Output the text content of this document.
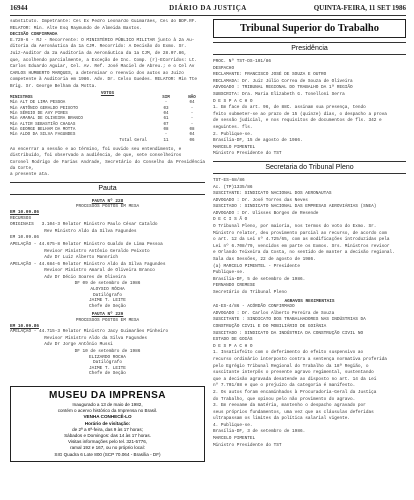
16944	DIÁRIO DA JUSTIÇA	QUINTA-FEIRA, 11 SET 1986
substituto. Impetrante: Cel Ex Pedro Leonardo Guimarães, Cel do BDP.RF.
RELATOR: Min. Alte Esq Raymundo de Almeida Bastos.
DECISÃO CONFIRMADA
E.729-6 - RJ - Recorrente: O MINISTÉRIO PÚBLICO MILITAR junto à 2a Au-
ditoria da Aeronáutica da 1a CJM. Recorrido: A Decisão do Exmo. Sr.
Juiz-Auditor da 2a Auditoria da Aeronáutica da 1a CJM, de 28.07.86,
que, acolhendo parcialmente, a Exceção de Inc. Comp. (r)-ECorridos: Lt.
Carlos Eduardo Aguiar, Cel. Av. Ref. José Maciel de Abreu.; e o Cel Av
CARLOS HUMBERTO MARQUES, a determinar o reenvio dos autos ao Juízo
competente à Auditoria em 1986. Adv. Dr. Celso Guedes. RELATOR: Min Tte
Brig. Sr. George Belham da Motta.
VOTOS
MINISTROS	SIM	NÃO
Min ALT DE LIMA PESSOA	-	04
Min ANTÔNIO GERALDO PEIXOTO	03	-
Min SÉRGIO DE AVY PIRES	04	-
Min AMARAL DE OLIVEIRA BRANCO	61	-
Min ALTIR SEBASTIÃO CHAGAS	07	-
Min GEORGE BELHAM DA MOTTA	08	08
Min ALDO DA SILVA FAGUNDES	-	04
Total Geral	11	06
Ao encerrar a sessão e ao término, foi ouvido seu entendimento, e
distribuído, foi observado a audiência, de que, sete conselheiros
Coronel Rodrigo de Farias Andrade, Secretário do Conselho da Presidência da Corte,
a presente ata.
Pauta
PAUTA Nº 228
PROCESSOS POSTOS EM MESA
EM 10.09.86
RECURSOS
ORIGINAIS   3.104-3 Relator Ministro Paulo César Cataldo
Rev Ministro Aldo da Silva Fagundes
EM 10.09.86
APELAÇÃO - 44.675-8 Relator Ministro Gualdo de Lima Pessoa
Revisor Ministro Antônio Geraldo Peixoto
Adv Dr Luiz Alberto Mannrich
APELAÇÃO - 44.684-6 Relator Ministro Aldo da Silva Fagundes
Revisor Ministro Amaral de Oliveira Branco
Adv Dr Décio Soares de Oliveira
DF 09 de setembro de 1986
ALOYSIO RÓCHA
Datilógrafo
JAIME T. LEITE
Chefe de Seção
PAUTA Nº 229
PROCESSOS POSTOS EM MESA
EM 10.09.86
APELAÇÃO - 44.715-3 Relator Ministro Jacy Guimarães Pinheiro
Revisor Ministro Aldo da Silva Fagundes
Adv Dr Jorge Antônio Mussi
DF 10 de setembro de 1986
ELIZARDO ROCHA
Datilógrafo
JAIME T. LEITE
Chefe de Seção
MUSEU DA IMPRENSA
Inaugurado a 13 de maio de 1982,
contém o acervo histórico da Imprensa no Brasil.
VENHA CONHECÊ-LO
Horário de visitação:
de 2ª a 6ª-feira, das 9 às 17 horas;
Sábados e Domingos: das 14 às 17 horas.
Visitas informações pelo tel. 321-5776,
ramal 192 e 167, ou no próprio local:
SIG Quadra 6 Lote 800 (SCP 70.064 - Brasília - DF)
Tribunal Superior do Trabalho
Presidência
PROC. Nº TST-DS-101/86
DESPACHO
RECLAMANTE: FRANCISCO JOSÉ DE SOUZA E OUTRO
RECLAMADA: Dr. Juiz Júlio Correa de Souza de Oliveira
ADVOGADO : TRIBUNAL REGIONAL DO TRABALHO DA 1ª REGIÃO
SUBSCRITA: Dra. Maria Elizabeth G. Tonelloni Serra
D E S P A C H O
1. Em face do art. 96, de 88C. assinam sua presença, tendo
feito submeter-se ao prazo de 15 (quinze) dias, o despacho a prova
de sessão judicial, e nos requisitos de documentos de fls. 342 e
seguintes. fls.
2. Publique-se.
Brasília-DF, 15 de agosto de 1986.
MARCELO PIMENTEL
Ministro Presidente do TST
Secretaria do Tribunal Pleno
TST-ES-68/86
Ac. (TP)1335/86
SUSCITANTE: SINDICATO NACIONAL DOS AERONAUTAS
ADVOGADO : Dr. José Torres das Neves
SUSCITADO : SINDICATO NACIONAL DAS EMPRESAS AEROVIÁRIAS (SNEA)
ADVOGADO : Dr. Ulisses Borges de Resende
D E C I S Ã O
O Tribunal Pleno, por maioria, nos termos do voto do Exmo. Sr.
Ministro relator, deu provimento parcial ao recurso, de acordo com
o art. 12 da Lei nº 4.725/65, com as modificações introduzidas pela
Lei nº 6.708/79, vencidos em parte os Exmos. Srs. Ministros revisor
e Orlando Teixeira da Costa, no sentido de manter a decisão regional.
Sala das Sessões, 22 de agosto de 1986.
(a) MARCELO PIMENTEL - Presidente
Publique-se.
Brasília-DF, 5 de setembro de 1986.
FERNANDO CREMESE
Secretário do Tribunal Pleno
AGRAVOS REGIMENTAIS
AG-ES-4/86 - ACÓRDÃO CONFIRMADO
ADVOGADO : Dr. Carlos Alberto Pereira de Souza
SUSCITANTE : SINDICATO DOS TRABALHADORES NAS INDÚSTRIAS DA
CONSTRUÇÃO CIVIL E DO MOBILIÁRIO DE GOIÂNIA
SUSCITADO : SINDICATO DA INDÚSTRIA DA CONSTRUÇÃO CIVIL NO
ESTADO DE GOIÁS
D E S P A C H O
1. Insatisfeito com o deferimento do efeito suspensivo ao
recurso ordinário interposto contra a sentença normativa proferida
pelo Egrégio Tribunal Regional do Trabalho da 18ª Região, o
suscitante interpôs o presente agravo regimental, sustentando
que a decisão agravada desatende ao disposto no art. 14 da Lei
nº 7.701/88 e que o prejuízo da categoria é manifesto.
2. Os autos foram encaminhados à Procuradoria-Geral da Justiça
do Trabalho, que opinou pelo não provimento do agravo.
3. Em reexame da matéria, mantenho o despacho agravado por
seus próprios fundamentos, uma vez que as cláusulas deferidas
ultrapassam os limites da política salarial vigente.
4. Publique-se.
Brasília-DF, 3 de setembro de 1986.
MARCELO PIMENTEL
Ministro Presidente do TST
